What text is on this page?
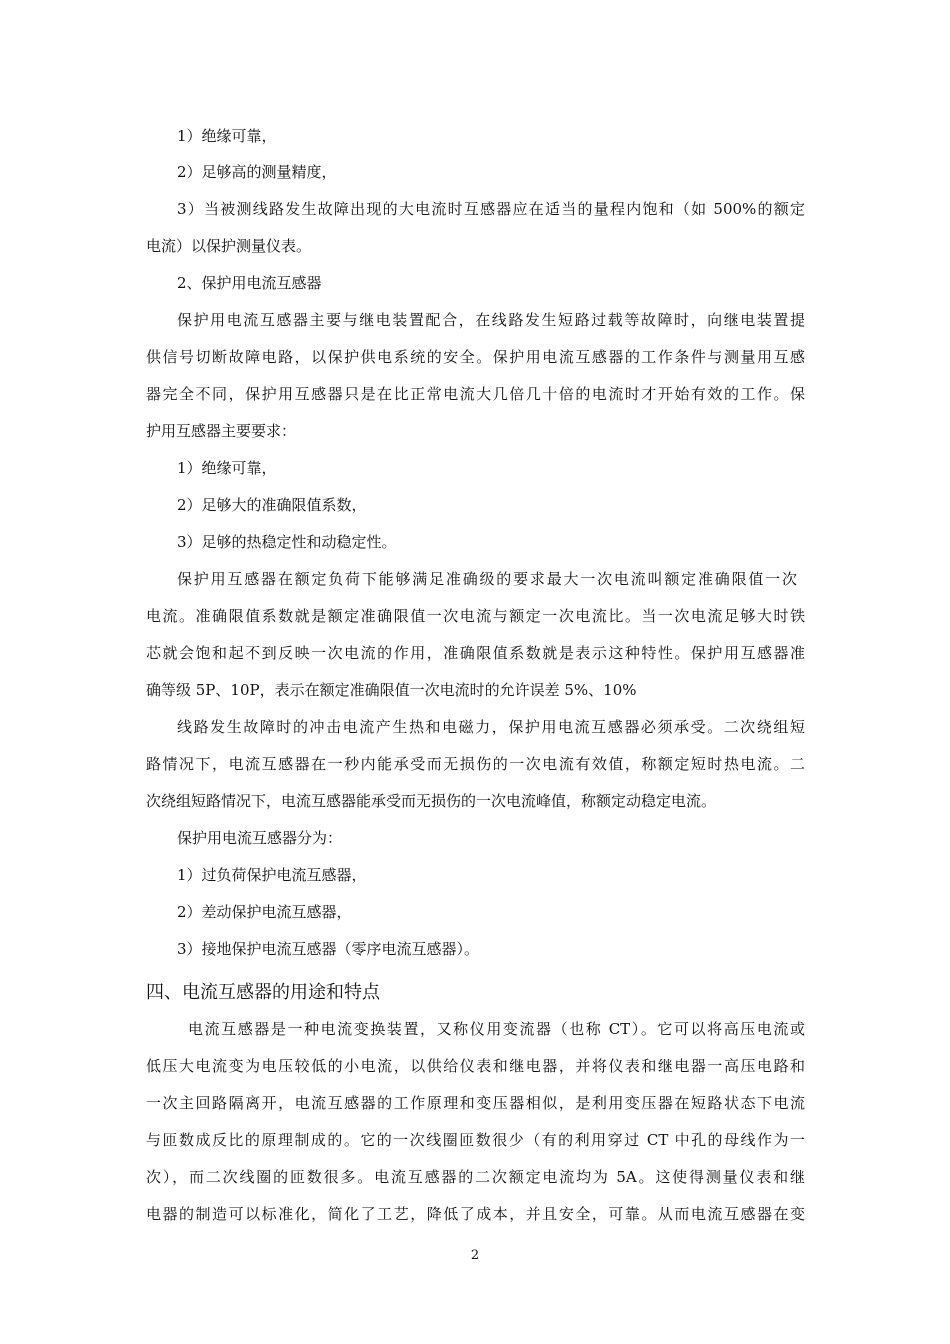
1）绝缘可靠，
2）足够高的测量精度，
3）当被测线路发生故障出现的大电流时互感器应在适当的量程内饱和（如 500%的额定
电流）以保护测量仪表。
2、保护用电流互感器
保护用电流互感器主要与继电装置配合，在线路发生短路过载等故障时，向继电装置提
供信号切断故障电路，以保护供电系统的安全。保护用电流互感器的工作条件与测量用互感
器完全不同，保护用互感器只是在比正常电流大几倍几十倍的电流时才开始有效的工作。保
护用互感器主要要求：
1）绝缘可靠，
2）足够大的准确限值系数，
3）足够的热稳定性和动稳定性。
保护用互感器在额定负荷下能够满足准确级的要求最大一次电流叫额定准确限值一次
电流。准确限值系数就是额定准确限值一次电流与额定一次电流比。当一次电流足够大时铁
芯就会饱和起不到反映一次电流的作用，准确限值系数就是表示这种特性。保护用互感器准
确等级 5P、10P，表示在额定准确限值一次电流时的允许误差 5%、10%
线路发生故障时的冲击电流产生热和电磁力，保护用电流互感器必须承受。二次绕组短
路情况下，电流互感器在一秒内能承受而无损伤的一次电流有效值，称额定短时热电流。二
次绕组短路情况下，电流互感器能承受而无损伤的一次电流峰值，称额定动稳定电流。
保护用电流互感器分为：
1）过负荷保护电流互感器，
2）差动保护电流互感器，
3）接地保护电流互感器（零序电流互感器）。
四、电流互感器的用途和特点
电流互感器是一种电流变换装置，又称仪用变流器（也称 CT）。它可以将高压电流或
低压大电流变为电压较低的小电流，以供给仪表和继电器，并将仪表和继电器一高压电路和
一次主回路隔离开，电流互感器的工作原理和变压器相似，是利用变压器在短路状态下电流
与匝数成反比的原理制成的。它的一次线圈匝数很少（有的利用穿过 CT 中孔的母线作为一
次），而二次线圈的匝数很多。电流互感器的二次额定电流均为 5A。这使得测量仪表和继
电器的制造可以标准化，简化了工艺，降低了成本，并且安全，可靠。从而电流互感器在变
2
